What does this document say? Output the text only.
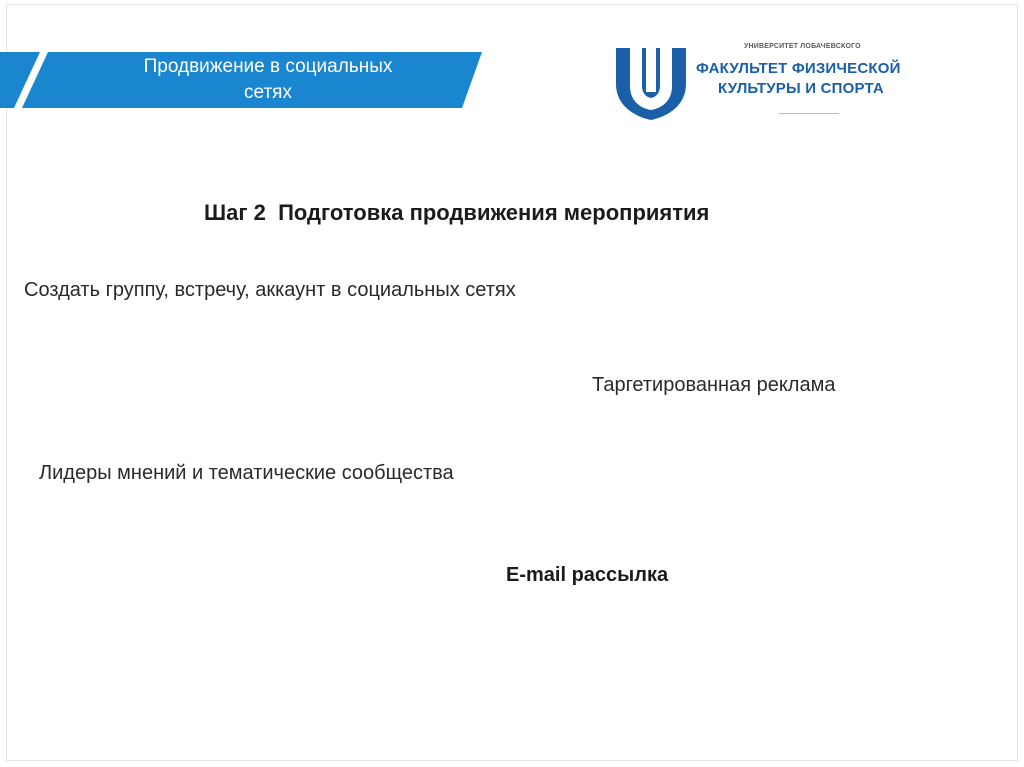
Продвижение в социальных
сетях
УНИВЕРСИТЕТ ЛОБАЧЕВСКОГО
ФАКУЛЬТЕТ ФИЗИЧЕСКОЙ
КУЛЬТУРЫ И СПОРТА
Шаг 2  Подготовка продвижения мероприятия
Создать группу, встречу, аккаунт в социальных сетях
Таргетированная реклама
Лидеры мнений и тематические сообщества
E-mail рассылка
